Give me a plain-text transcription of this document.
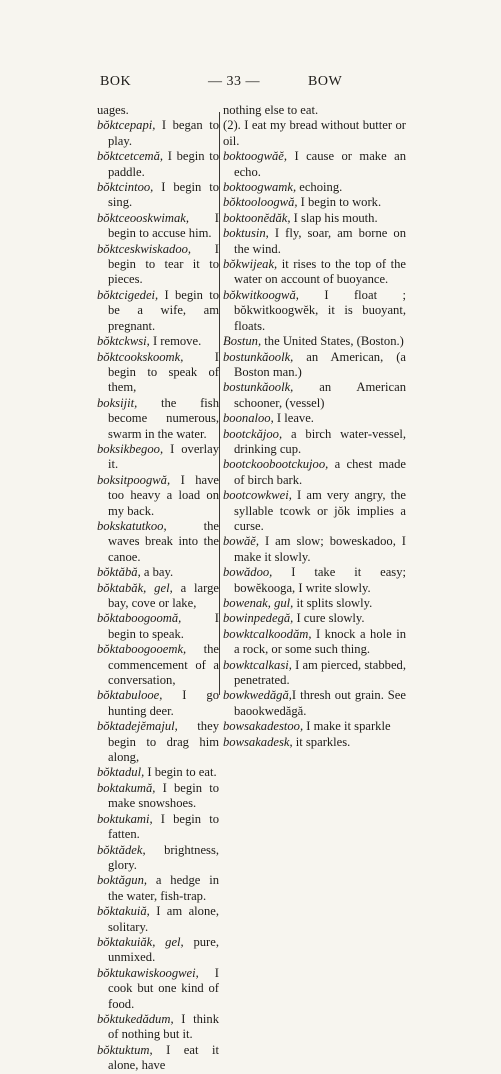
BOK	— 33 —	BOW

uages.

bŏktcepapi, I began to play.

bŏktcetcemă, I begin to paddle.

bŏktcintoo, I begin to sing.

bŏktceooskwimak, I begin to accuse him.

bŏktceskwiskadoo, I begin to tear it to pieces.

bŏktcigedei, I begin to be a wife, am pregnant.

bŏktckwsi, I remove.

bŏktcookskoomk, I begin to speak of them,

boksijit, the fish become numerous, swarm in the water.

boksikbegoo, I overlay it.

boksitpoogwă, I have too heavy a load on my back.

bokskatutkoo, the waves break into the canoe.

bŏktăbă, a bay.

bŏktabăk, gel, a large bay, cove or lake,

bŏktaboogoomă, I begin to speak.

bŏktaboogooemk, the commencement of a conversation,

bŏktabulooe, I go hunting deer.

bŏktadejĕmajul, they begin to drag him along,

bŏktadul, I begin to eat.

boktakumă, I begin to make snowshoes.

boktukami, I begin to fatten.

bŏktădek, brightness, glory.

boktăgun, a hedge in the water, fish-trap.

bŏktakuiă, I am alone, solitary.

bŏktakuiăk, gel, pure, unmixed.

bŏktukawiskoogwei, I cook but one kind of food.

bŏktukedădum, I think of nothing but it.

bŏktuktum, I eat it alone, have

nothing else to eat.

(2). I eat my bread without butter or oil.

boktoogwăĕ, I cause or make an echo.

boktoogwamk, echoing.

bŏktooloogwă, I begin to work.

boktoonĕdăk, I slap his mouth.

boktusin, I fly, soar, am borne on the wind.

bŏkwijeak, it rises to the top of the water on account of buoyance.

bŏkwitkoogwă, I float ; bŏkwitkoogwĕk, it is buoyant, floats.

Bostun, the United States, (Boston.)

bostunkăoolk, an American, (a Boston man.)

bostunkăoolk, an American schooner, (vessel)

boonaloo, I leave.

bootckăjoo, a birch water-vessel, drinking cup.

bootckoobootckujoo, a chest made of birch bark.

bootcowkwei, I am very angry, the syllable tcowk or jŏk implies a curse.

bowăĕ, I am slow; boweskadoo, I make it slowly.

bowădoo, I take it easy; bowĕkooga, I write slowly.

bowenak, gul, it splits slowly.

bowinpedegă, I cure slowly.

bowktcalkoodăm, I knock a hole in a rock, or some such thing.

bowktcalkasi, I am pierced, stabbed, penetrated.

bowkwedăgă,I thresh out grain. See baookwedăgă.

bowsakadestoo, I make it sparkle

bowsakadesk, it sparkles.
